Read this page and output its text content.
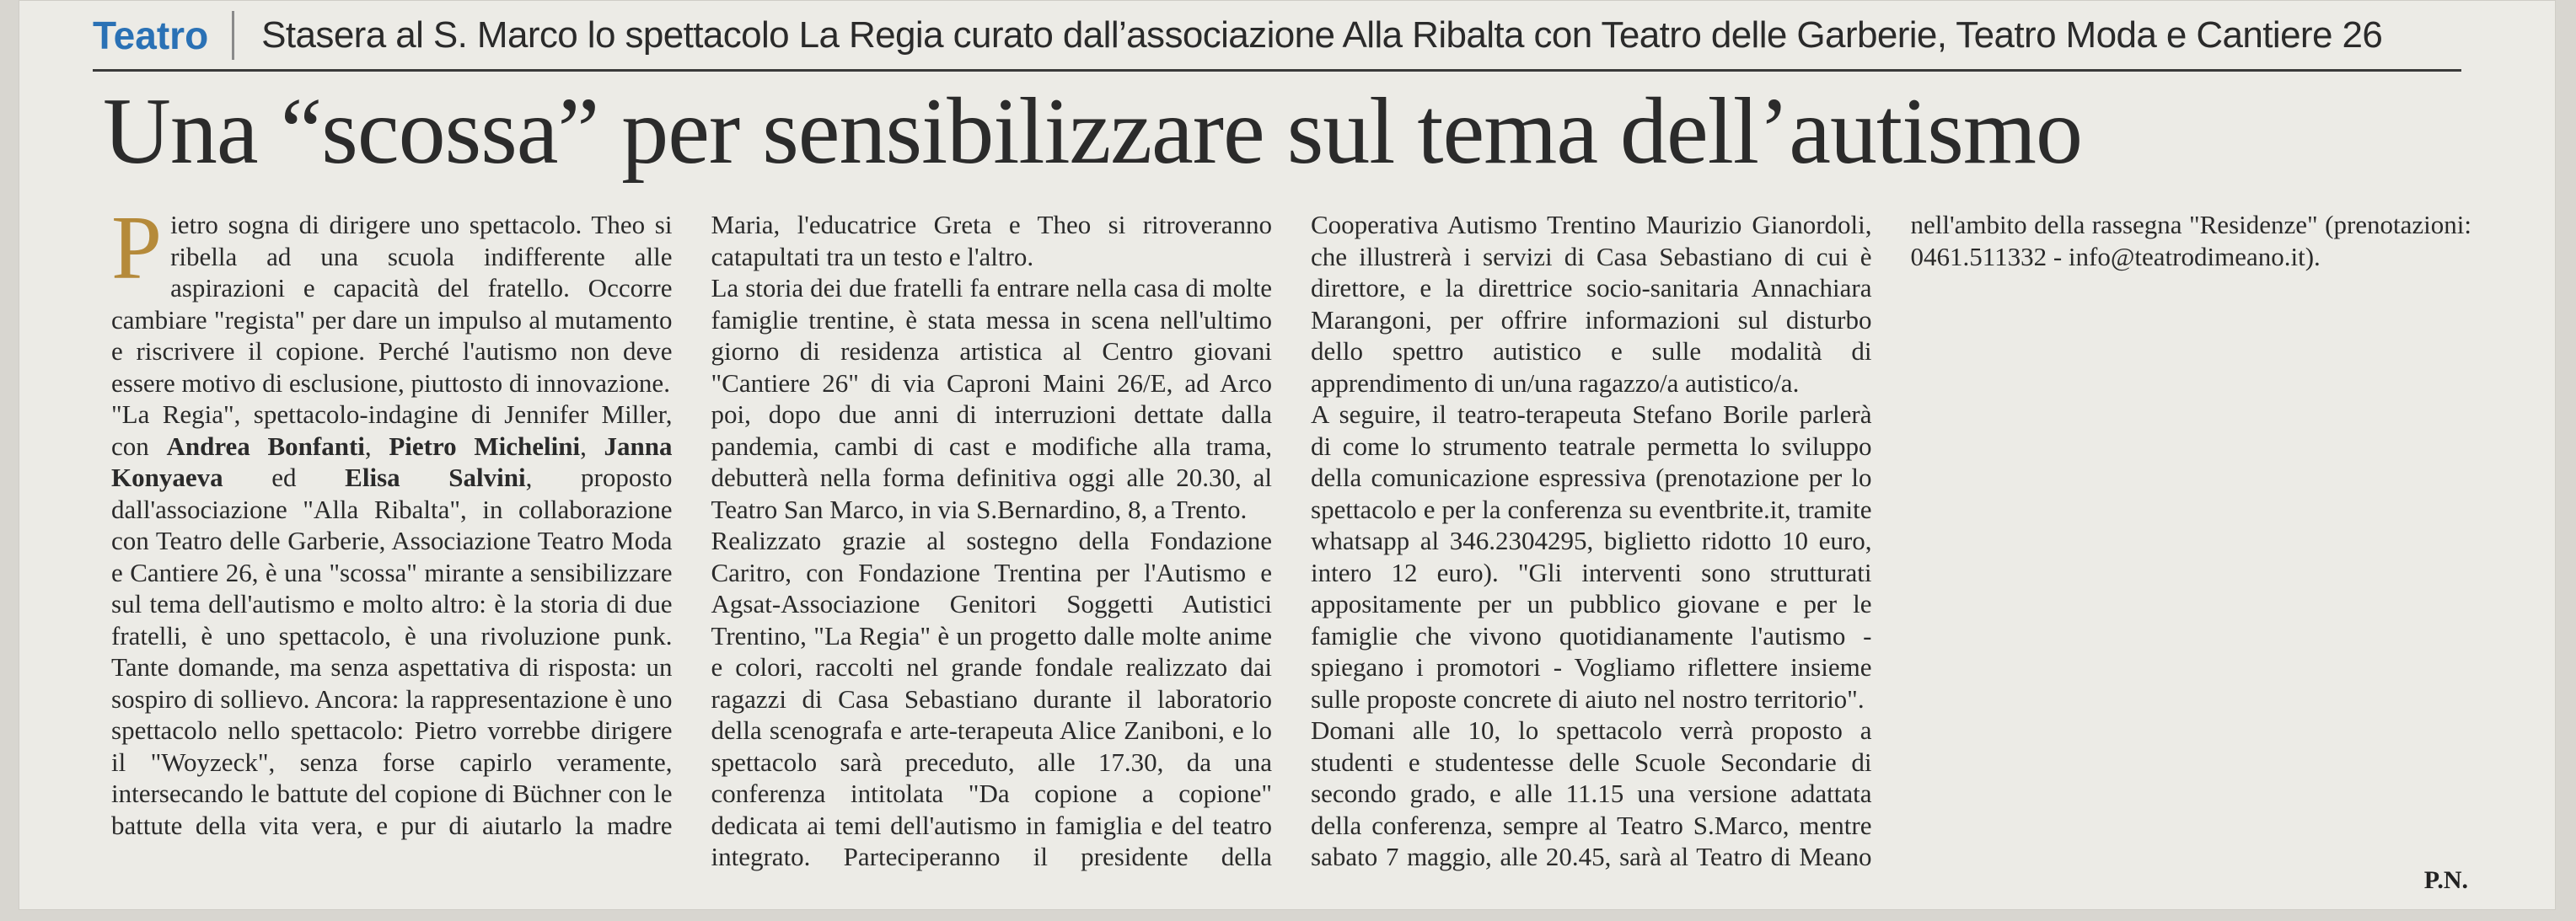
Teatro	Stasera al S. Marco lo spettacolo La Regia curato dall’associazione Alla Ribalta con Teatro delle Garberie, Teatro Moda e Cantiere 26
Una “scossa” per sensibilizzare sul tema dell’autismo

Pietro sogna di dirigere uno spettacolo. Theo si ribella ad una scuola indifferente alle aspirazioni e capacità del fratello. Occorre cambiare "regista" per dare un impulso al mutamento e riscrivere il copione. Perché l'autismo non deve essere motivo di esclusione, piuttosto di innovazione.

"La Regia", spettacolo-indagine di Jennifer Miller, con Andrea Bonfanti, Pietro Michelini, Janna Konyaeva ed Elisa Salvini, proposto dall'associazione "Alla Ribalta", in collaborazione con Teatro delle Garberie, Associazione Teatro Moda e Cantiere 26, è una "scossa" mirante a sensibilizzare sul tema dell'autismo e molto altro: è la storia di due fratelli, è uno spettacolo, è una rivoluzione punk. Tante domande, ma senza aspettativa di risposta: un sospiro di sollievo. Ancora: la rappresentazione è uno spettacolo nello spettacolo: Pietro vorrebbe dirigere il "Woyzeck", senza forse capirlo veramente, intersecando le battute del copione di Büchner con le battute della vita vera, e pur di aiutarlo la madre Maria, l'educatrice Greta e Theo si ritroveranno catapultati tra un testo e l'altro.

La storia dei due fratelli fa entrare nella casa di molte famiglie trentine, è stata messa in scena nell'ultimo giorno di residenza artistica al Centro giovani "Cantiere 26" di via Caproni Maini 26/E, ad Arco poi, dopo due anni di interruzioni dettate dalla pandemia, cambi di cast e modifiche alla trama, debutterà nella forma definitiva oggi alle 20.30, al Teatro San Marco, in via S.Bernardino, 8, a Trento.

Realizzato grazie al sostegno della Fondazione Caritro, con Fondazione Trentina per l'Autismo e Agsat-Associazione Genitori Soggetti Autistici Trentino, "La Regia" è un progetto dalle molte anime e colori, raccolti nel grande fondale realizzato dai ragazzi di Casa Sebastiano durante il laboratorio della scenografa e arte-terapeuta Alice Zaniboni, e lo spettacolo sarà preceduto, alle 17.30, da una conferenza intitolata "Da copione a copione" dedicata ai temi dell'autismo in famiglia e del teatro integrato. Parteciperanno il presidente della Cooperativa Autismo Trentino Maurizio Gianordoli, che illustrerà i servizi di Casa Sebastiano di cui è direttore, e la direttrice socio-sanitaria Annachiara Marangoni, per offrire informazioni sul disturbo dello spettro autistico e sulle modalità di apprendimento di un/una ragazzo/a autistico/a.

A seguire, il teatro-terapeuta Stefano Borile parlerà di come lo strumento teatrale permetta lo sviluppo della comunicazione espressiva (prenotazione per lo spettacolo e per la conferenza su eventbrite.it, tramite whatsapp al 346.2304295, biglietto ridotto 10 euro, intero 12 euro). "Gli interventi sono strutturati appositamente per un pubblico giovane e per le famiglie che vivono quotidianamente l'autismo - spiegano i promotori - Vogliamo riflettere insieme sulle proposte concrete di aiuto nel nostro territorio".

Domani alle 10, lo spettacolo verrà proposto a studenti e studentesse delle Scuole Secondarie di secondo grado, e alle 11.15 una versione adattata della conferenza, sempre al Teatro S.Marco, mentre sabato 7 maggio, alle 20.45, sarà al Teatro di Meano nell'ambito della rassegna "Residenze" (prenotazioni: 0461.511332 - info@teatrodimeano.it).

P.N.
